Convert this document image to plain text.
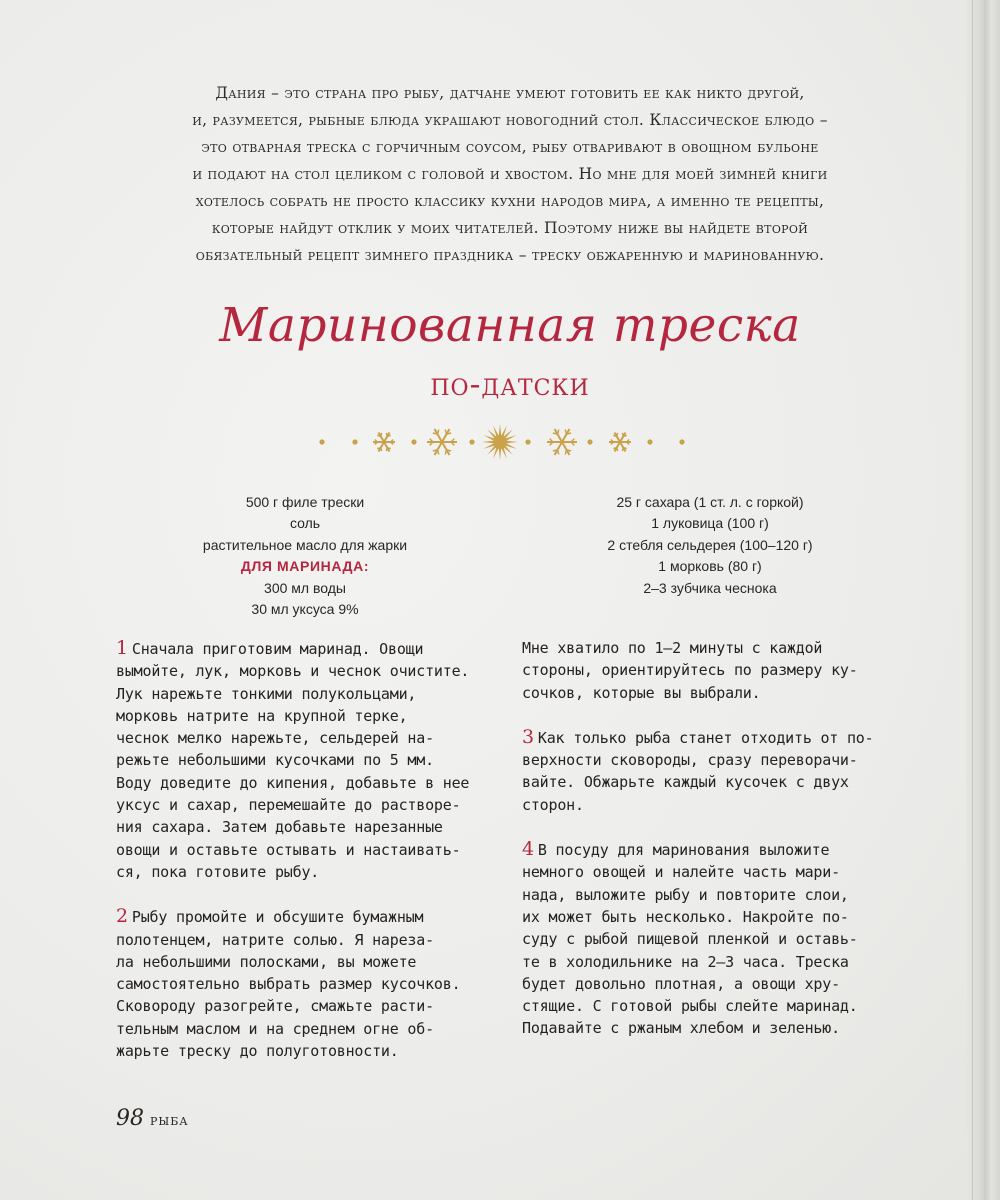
Дания – это страна про рыбу, датчане умеют готовить ее как никто другой,
и, разумеется, рыбные блюда украшают новогодний стол. Классическое блюдо –
это отварная треска с горчичным соусом, рыбу отваривают в овощном бульоне
и подают на стол целиком с головой и хвостом. Но мне для моей зимней книги
хотелось собрать не просто классику кухни народов мира, а именно те рецепты,
которые найдут отклик у моих читателей. Поэтому ниже вы найдете второй
обязательный рецепт зимнего праздника – треску обжаренную и маринованную.
Маринованная треска
по-датски
500 г филе трески
соль
растительное масло для жарки
ДЛЯ МАРИНАДА:
300 мл воды
30 мл уксуса 9%
25 г сахара (1 ст. л. с горкой)
1 луковица (100 г)
2 стебля сельдерея (100–120 г)
1 морковь (80 г)
2–3 зубчика чеснока
1 Сначала приготовим маринад. Овощи
вымойте, лук, морковь и чеснок очистите.
Лук нарежьте тонкими полукольцами,
морковь натрите на крупной терке,
чеснок мелко нарежьте, сельдерей на-
режьте небольшими кусочками по 5 мм.
Воду доведите до кипения, добавьте в нее
уксус и сахар, перемешайте до растворе-
ния сахара. Затем добавьте нарезанные
овощи и оставьте остывать и настаивать-
ся, пока готовите рыбу.
2 Рыбу промойте и обсушите бумажным
полотенцем, натрите солью. Я нареза-
ла небольшими полосками, вы можете
самостоятельно выбрать размер кусочков.
Сковороду разогрейте, смажьте расти-
тельным маслом и на среднем огне об-
жарьте треску до полуготовности.
Мне хватило по 1–2 минуты с каждой
стороны, ориентируйтесь по размеру ку-
сочков, которые вы выбрали.
3 Как только рыба станет отходить от по-
верхности сковороды, сразу переворачи-
вайте. Обжарьте каждый кусочек с двух
сторон.
4 В посуду для маринования выложите
немного овощей и налейте часть мари-
нада, выложите рыбу и повторите слои,
их может быть несколько. Накройте по-
суду с рыбой пищевой пленкой и оставь-
те в холодильнике на 2–3 часа. Треска
будет довольно плотная, а овощи хру-
стящие. С готовой рыбы слейте маринад.
Подавайте с ржаным хлебом и зеленью.
98 рыба
